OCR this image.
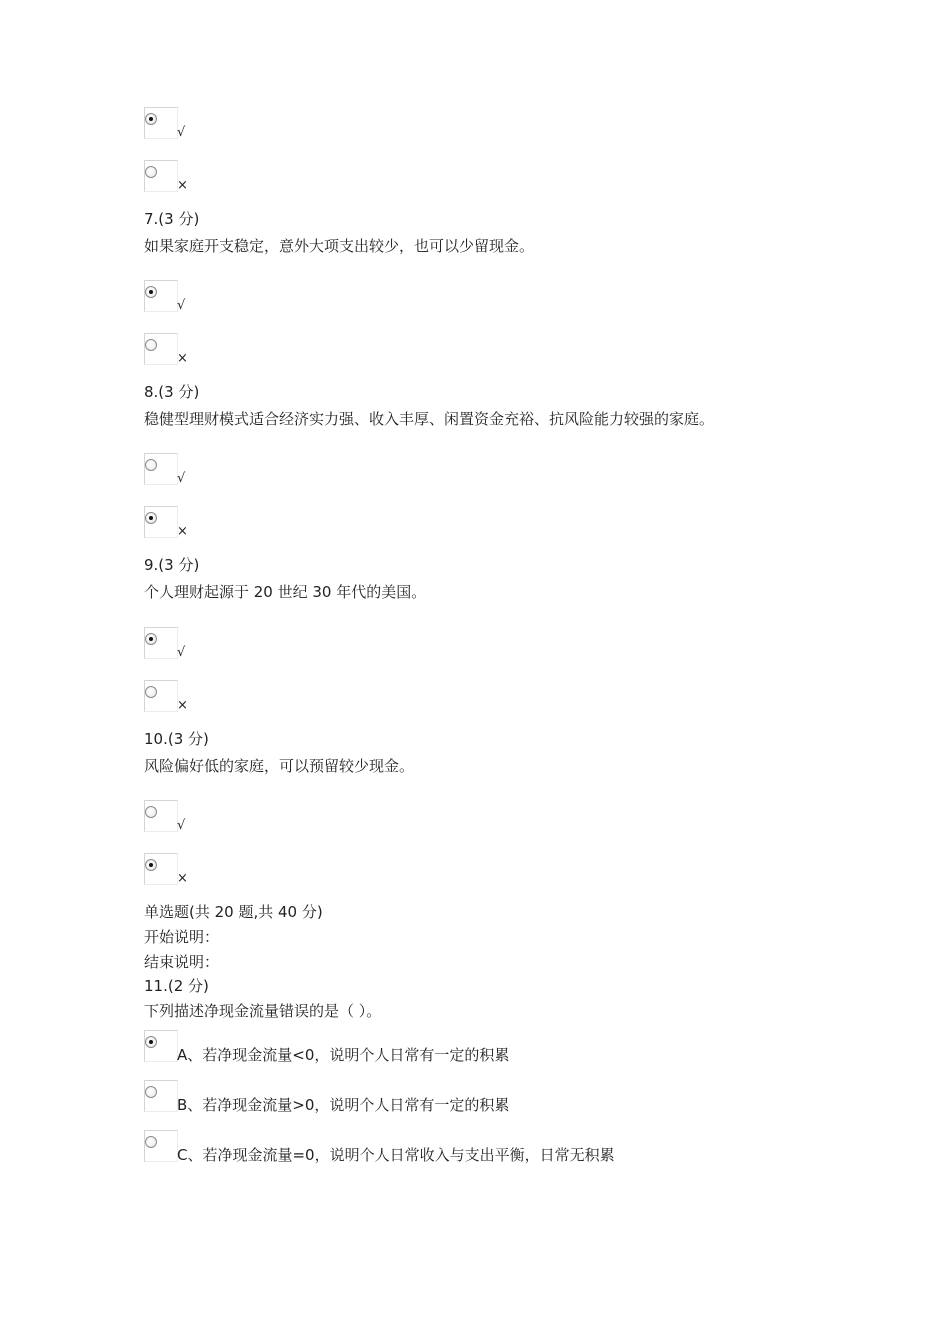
√
×
7.(3 分)
如果家庭开支稳定，意外大项支出较少，也可以少留现金。
√
×
8.(3 分)
稳健型理财模式适合经济实力强、收入丰厚、闲置资金充裕、抗风险能力较强的家庭。
√
×
9.(3 分)
个人理财起源于 20 世纪 30 年代的美国。
√
×
10.(3 分)
风险偏好低的家庭，可以预留较少现金。
√
×
单选题(共 20 题,共 40 分)
开始说明：
结束说明：
11.(2 分)
下列描述净现金流量错误的是（ ）。
A、若净现金流量<0，说明个人日常有一定的积累
B、若净现金流量>0，说明个人日常有一定的积累
C、若净现金流量=0，说明个人日常收入与支出平衡，日常无积累
